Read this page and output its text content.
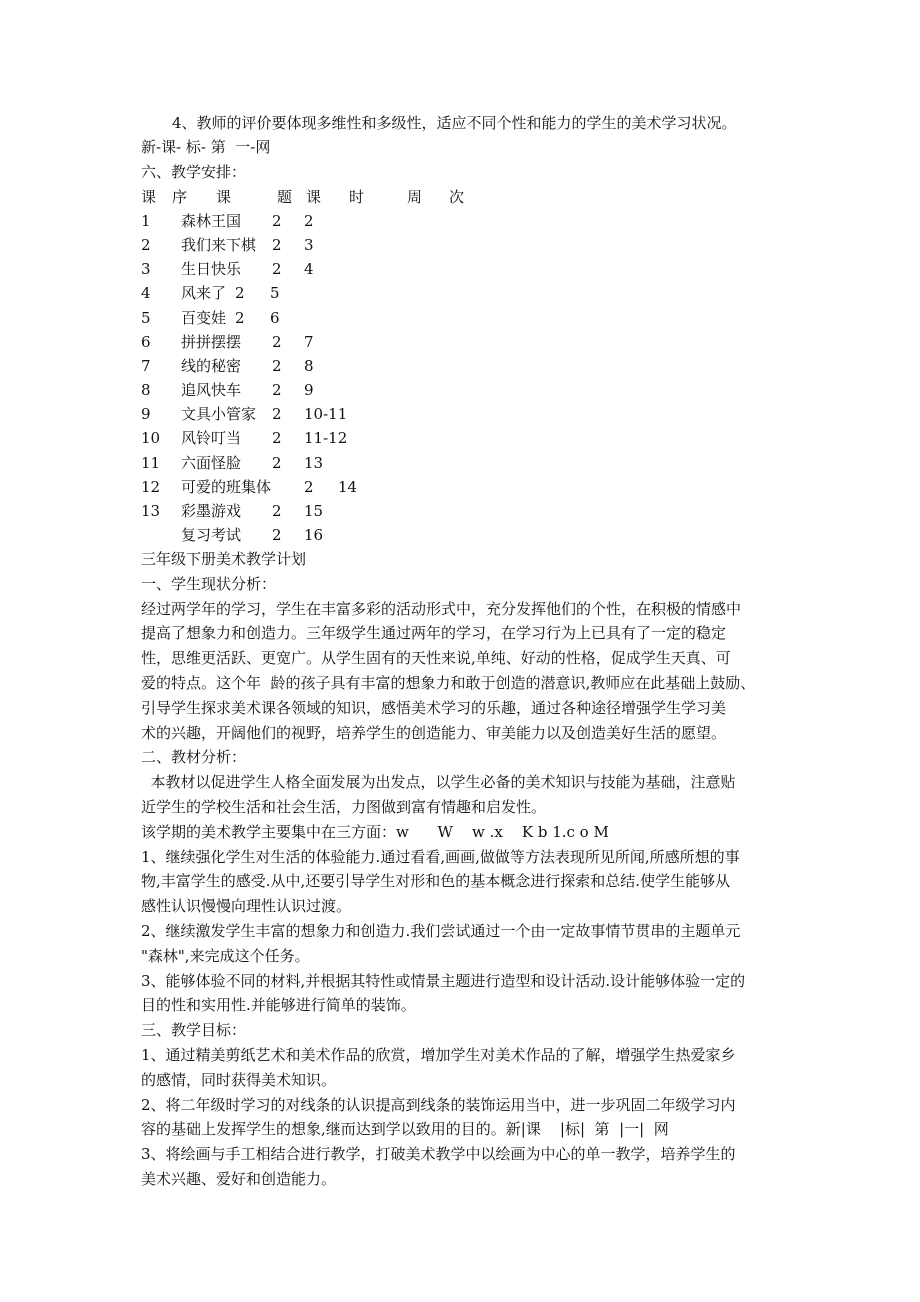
4、教师的评价要体现多维性和多级性，适应不同个性和能力的学生的美术学习状况。

新-课- 标- 第  一-网

六、教学安排：

课 序 课	题 课 时	周 次
1 森林王国 2 2
2 我们来下棋 2 3
3 生日快乐 2 4
4 风来了 2 5
5 百变娃 2 6
6 拼拼摆摆 2 7
7 线的秘密 2 8
8 追风快车 2 9
9 文具小管家 2 10-11
10 风铃叮当 2 11-12
11 六面怪脸 2 13
12 可爱的班集体 2 14
13 彩墨游戏 2 15
复习考试 2 16

三年级下册美术教学计划

一、学生现状分析：

经过两学年的学习，学生在丰富多彩的活动形式中，充分发挥他们的个性，在积极的情感中

提高了想象力和创造力。三年级学生通过两年的学习，在学习行为上已具有了一定的稳定

性，思维更活跃、更宽广。从学生固有的天性来说,单纯、好动的性格，促成学生天真、可

爱的特点。这个年  龄的孩子具有丰富的想象力和敢于创造的潜意识,教师应在此基础上鼓励、

引导学生探求美术课各领域的知识，感悟美术学习的乐趣，通过各种途径增强学生学习美

术的兴趣，开阔他们的视野，培养学生的创造能力、审美能力以及创造美好生活的愿望。

二、教材分析：

本教材以促进学生人格全面发展为出发点，以学生必备的美术知识与技能为基础，注意贴

近学生的学校生活和社会生活，力图做到富有情趣和启发性。

该学期的美术教学主要集中在三方面：w      W    w .x    K b 1.c o M

1、继续强化学生对生活的体验能力.通过看看,画画,做做等方法表现所见所闻,所感所想的事

物,丰富学生的感受.从中,还要引导学生对形和色的基本概念进行探索和总结.使学生能够从

感性认识慢慢向理性认识过渡。

2、继续激发学生丰富的想象力和创造力.我们尝试通过一个由一定故事情节贯串的主题单元

"森林",来完成这个任务。

3、能够体验不同的材料,并根据其特性或情景主题进行造型和设计活动.设计能够体验一定的

目的性和实用性.并能够进行简单的装饰。

三、教学目标：

1、通过精美剪纸艺术和美术作品的欣赏，增加学生对美术作品的了解，增强学生热爱家乡

的感情，同时获得美术知识。

2、将二年级时学习的对线条的认识提高到线条的装饰运用当中，进一步巩固二年级学习内

容的基础上发挥学生的想象,继而达到学以致用的目的。新|课    |标|  第  |一|  网

3、将绘画与手工相结合进行教学，打破美术教学中以绘画为中心的单一教学，培养学生的

美术兴趣、爱好和创造能力。
